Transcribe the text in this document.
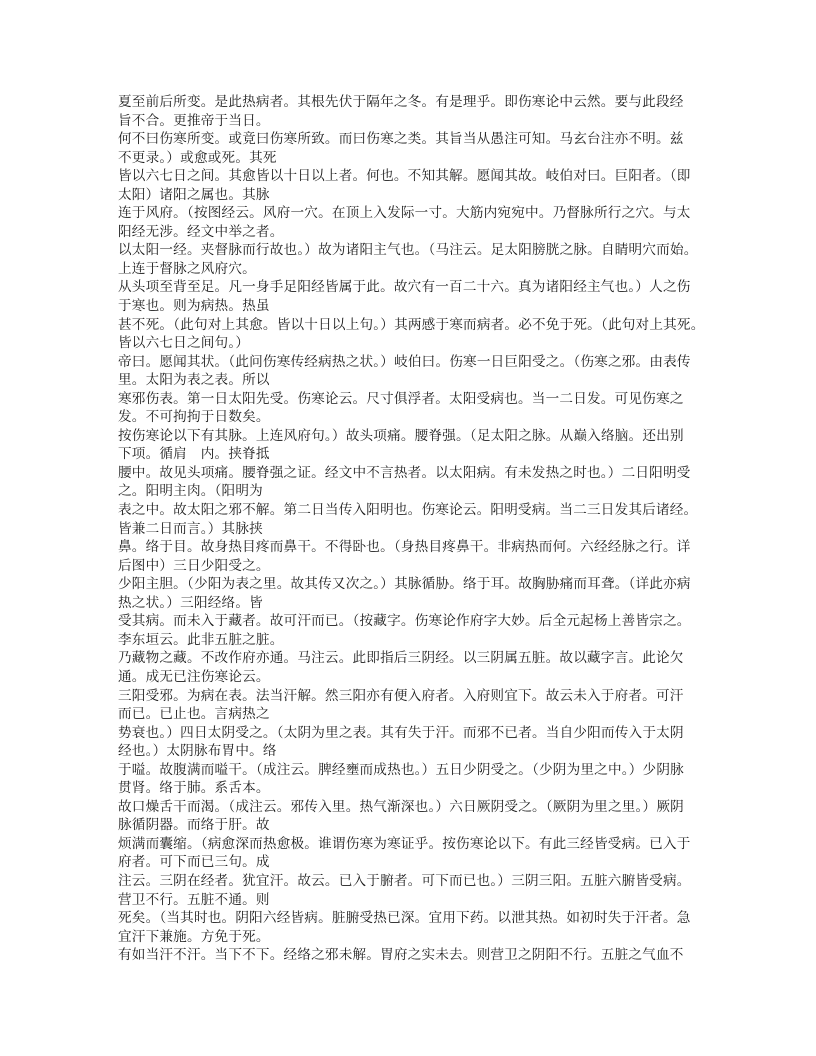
夏至前后所变。是此热病者。其根先伏于隔年之冬。有是理乎。即伤寒论中云然。要与此段经
旨不合。更推帝于当日。
何不曰伤寒所变。或竟曰伤寒所致。而曰伤寒之类。其旨当从愚注可知。马玄台注亦不明。兹
不更录。）或愈或死。其死
皆以六七日之间。其愈皆以十日以上者。何也。不知其解。愿闻其故。岐伯对曰。巨阳者。（即
太阳）诸阳之属也。其脉
连于风府。（按图经云。风府一穴。在顶上入发际一寸。大筋内宛宛中。乃督脉所行之穴。与太
阳经无涉。经文中举之者。
以太阳一经。夹督脉而行故也。）故为诸阳主气也。（马注云。足太阳膀胱之脉。自睛明穴而始。
上连于督脉之风府穴。
从头项至背至足。凡一身手足阳经皆属于此。故穴有一百二十六。真为诸阳经主气也。）人之伤
于寒也。则为病热。热虽
甚不死。（此句对上其愈。皆以十日以上句。）其两感于寒而病者。必不免于死。（此句对上其死。
皆以六七日之间句。）
帝曰。愿闻其状。（此问伤寒传经病热之状。）岐伯曰。伤寒一日巨阳受之。（伤寒之邪。由表传
里。太阳为表之表。所以
寒邪伤表。第一日太阳先受。伤寒论云。尺寸俱浮者。太阳受病也。当一二日发。可见伤寒之
发。不可拘拘于日数矣。
按伤寒论以下有其脉。上连风府句。）故头项痛。腰脊强。（足太阳之脉。从巅入络脑。还出别
下项。循肩　内。挟脊抵
腰中。故见头项痛。腰脊强之证。经文中不言热者。以太阳病。有未发热之时也。）二日阳明受
之。阳明主肉。（阳明为
表之中。故太阳之邪不解。第二日当传入阳明也。伤寒论云。阳明受病。当二三日发其后诸经。
皆兼二日而言。）其脉挟
鼻。络于目。故身热目疼而鼻干。不得卧也。（身热目疼鼻干。非病热而何。六经经脉之行。详
后图中）三日少阳受之。
少阳主胆。（少阳为表之里。故其传又次之。）其脉循胁。络于耳。故胸胁痛而耳聋。（详此亦病
热之状。）三阳经络。皆
受其病。而未入于藏者。故可汗而已。（按藏字。伤寒论作府字大妙。后全元起杨上善皆宗之。
李东垣云。此非五脏之脏。
乃藏物之藏。不改作府亦通。马注云。此即指后三阴经。以三阴属五脏。故以藏字言。此论欠
通。成无已注伤寒论云。
三阳受邪。为病在表。法当汗解。然三阳亦有便入府者。入府则宜下。故云未入于府者。可汗
而已。已止也。言病热之
势衰也。）四日太阴受之。（太阴为里之表。其有失于汗。而邪不已者。当自少阳而传入于太阴
经也。）太阴脉布胃中。络
于嗌。故腹满而嗌干。（成注云。脾经壅而成热也。）五日少阴受之。（少阴为里之中。）少阴脉
贯肾。络于肺。系舌本。
故口燥舌干而渴。（成注云。邪传入里。热气渐深也。）六日厥阴受之。（厥阴为里之里。）厥阴
脉循阴器。而络于肝。故
烦满而囊缩。（病愈深而热愈极。谁谓伤寒为寒证乎。按伤寒论以下。有此三经皆受病。已入于
府者。可下而已三句。成
注云。三阴在经者。犹宜汗。故云。已入于腑者。可下而已也。）三阴三阳。五脏六腑皆受病。
营卫不行。五脏不通。则
死矣。（当其时也。阴阳六经皆病。脏腑受热已深。宜用下药。以泄其热。如初时失于汗者。急
宜汗下兼施。方免于死。
有如当汗不汗。当下不下。经络之邪未解。胃府之实未去。则营卫之阴阳不行。五脏之气血不
